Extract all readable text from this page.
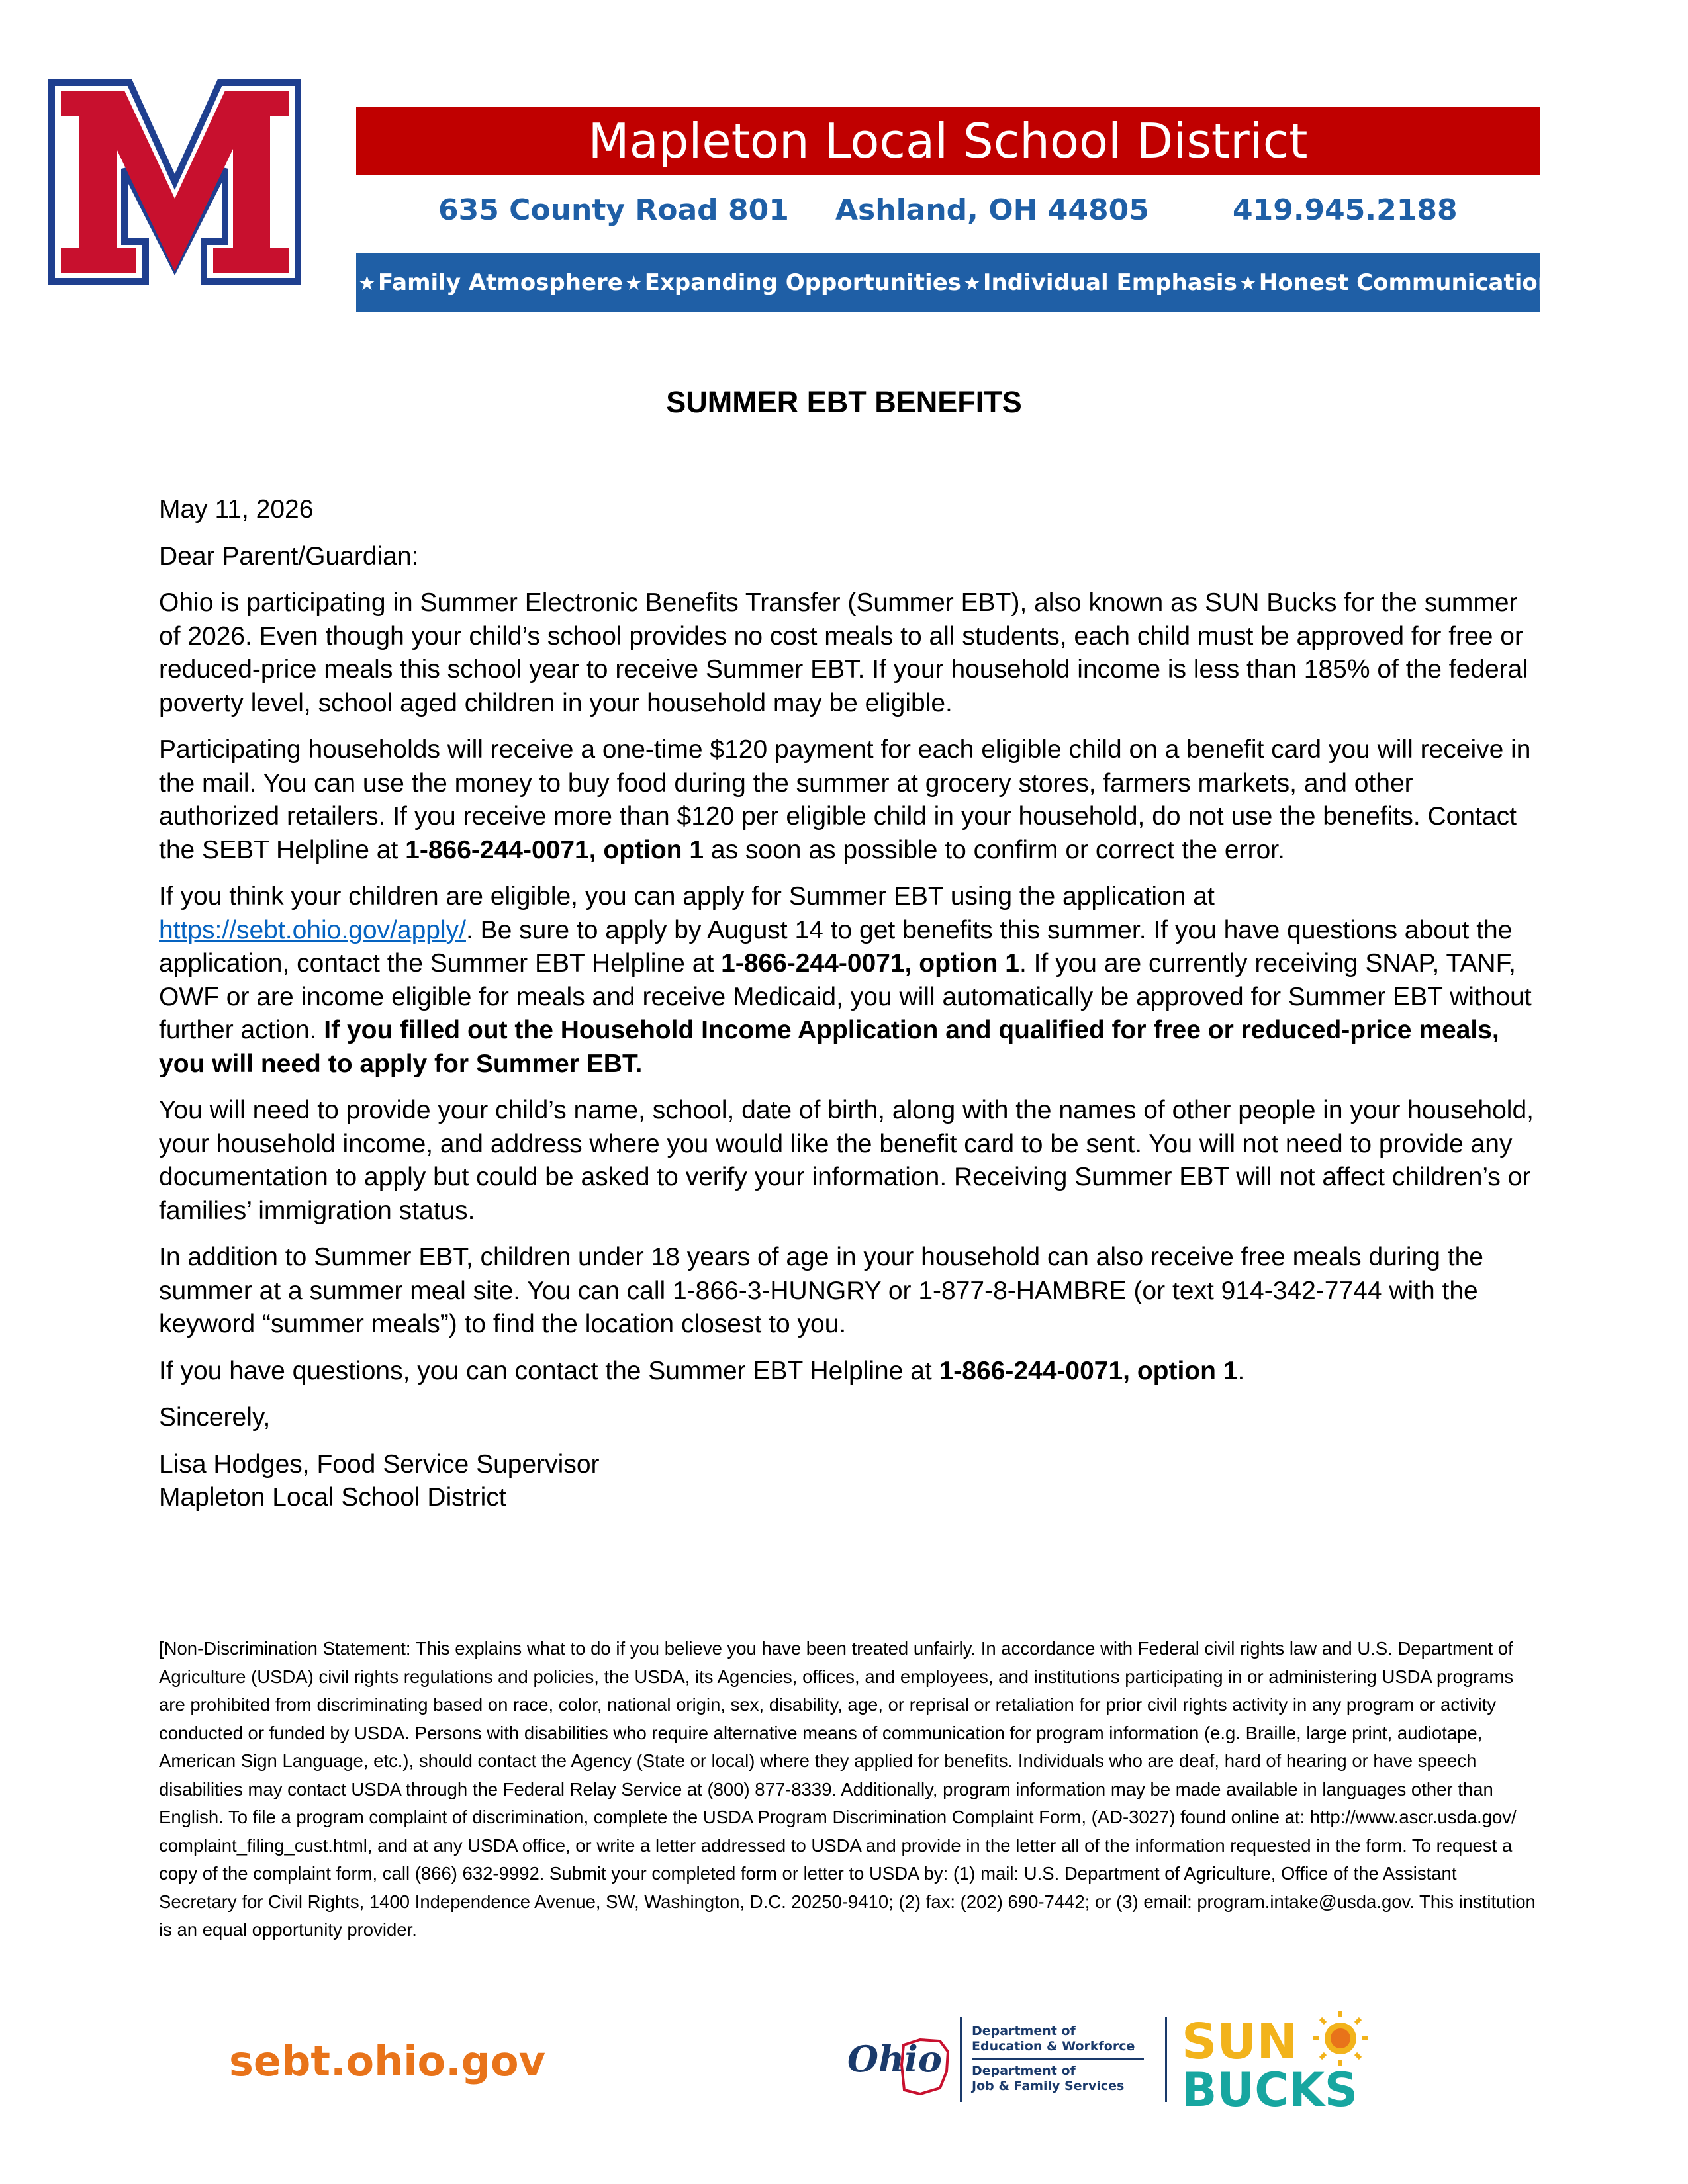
Mapleton Local School District
635 County Road 801 Ashland, OH 44805	419.945.2188
★Family Atmosphere ★Expanding Opportunities ★Individual Emphasis ★Honest Communication ★
SUMMER EBT BENEFITS

May 11, 2026

Dear Parent/Guardian:

Ohio is participating in Summer Electronic Benefits Transfer (Summer EBT), also known as SUN Bucks for the summer of 2026. Even though your child’s school provides no cost meals to all students, each child must be approved for free or reduced-price meals this school year to receive Summer EBT. If your household income is less than 185% of the federal poverty level, school aged children in your household may be eligible.

Participating households will receive a one-time $120 payment for each eligible child on a benefit card you will receive in the mail. You can use the money to buy food during the summer at grocery stores, farmers markets, and other authorized retailers. If you receive more than $120 per eligible child in your household, do not use the benefits. Contact the SEBT Helpline at 1-866-244-0071, option 1 as soon as possible to confirm or correct the error.

If you think your children are eligible, you can apply for Summer EBT using the application at https://sebt.ohio.gov/apply/. Be sure to apply by August 14 to get benefits this summer. If you have questions about the application, contact the Summer EBT Helpline at 1-866-244-0071, option 1. If you are currently receiving SNAP, TANF, OWF or are income eligible for meals and receive Medicaid, you will automatically be approved for Summer EBT without further action. If you filled out the Household Income Application and qualified for free or reduced-price meals, you will need to apply for Summer EBT.

You will need to provide your child’s name, school, date of birth, along with the names of other people in your household, your household income, and address where you would like the benefit card to be sent. You will not need to provide any documentation to apply but could be asked to verify your information. Receiving Summer EBT will not affect children’s or families’ immigration status.

In addition to Summer EBT, children under 18 years of age in your household can also receive free meals during the summer at a summer meal site. You can call 1-866-3-HUNGRY or 1-877-8-HAMBRE (or text 914-342-7744 with the keyword “summer meals”) to find the location closest to you.

If you have questions, you can contact the Summer EBT Helpline at 1-866-244-0071, option 1.

Sincerely,

Lisa Hodges, Food Service Supervisor

Mapleton Local School District

[Non-Discrimination Statement: This explains what to do if you believe you have been treated unfairly. In accordance with Federal civil rights law and U.S. Department of Agriculture (USDA) civil rights regulations and policies, the USDA, its Agencies, offices, and employees, and institutions participating in or administering USDA programs are prohibited from discriminating based on race, color, national origin, sex, disability, age, or reprisal or retaliation for prior civil rights activity in any program or activity conducted or funded by USDA. Persons with disabilities who require alternative means of communication for program information (e.g. Braille, large print, audiotape, American Sign Language, etc.), should contact the Agency (State or local) where they applied for benefits. Individuals who are deaf, hard of hearing or have speech disabilities may contact USDA through the Federal Relay Service at (800) 877-8339. Additionally, program information may be made available in languages other than English. To file a program complaint of discrimination, complete the USDA Program Discrimination Complaint Form, (AD-3027) found online at: http://www.ascr.usda.gov/ complaint_filing_cust.html, and at any USDA office, or write a letter addressed to USDA and provide in the letter all of the information requested in the form. To request a copy of the complaint form, call (866) 632-9992. Submit your completed form or letter to USDA by: (1) mail: U.S. Department of Agriculture, Office of the Assistant Secretary for Civil Rights, 1400 Independence Avenue, SW, Washington, D.C. 20250-9410; (2) fax: (202) 690-7442; or (3) email: program.intake@usda.gov. This institution is an equal opportunity provider.
sebt.ohio.gov	Ohio
Department of
Education & Workforce
Department of
Job & Family Services
SUN
BUCKS
